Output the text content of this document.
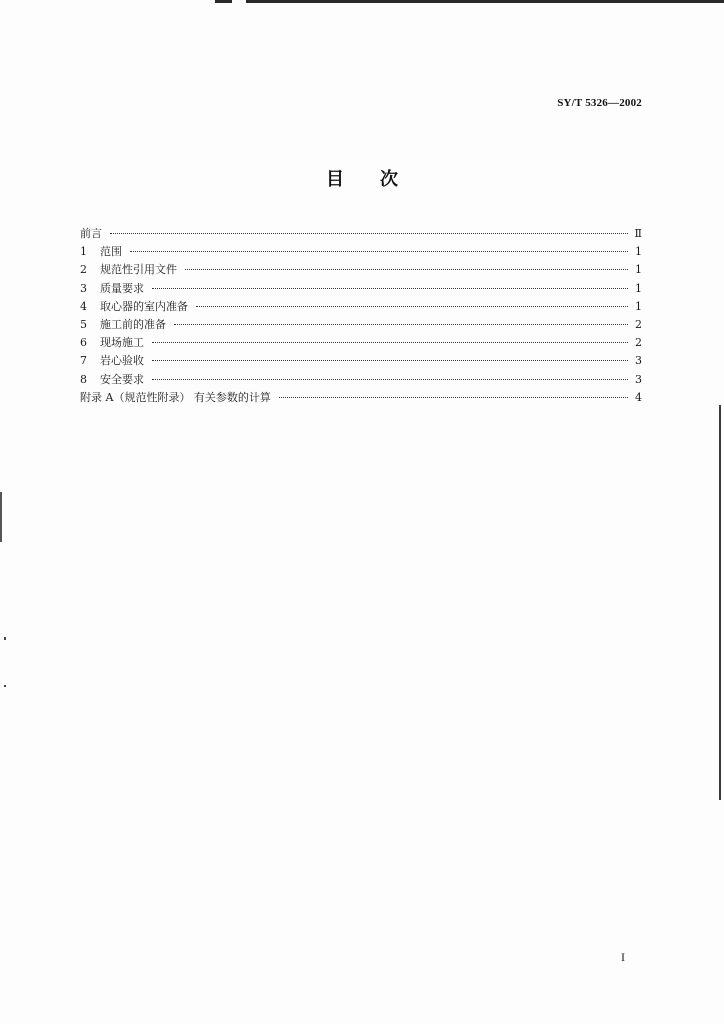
SY/T 5326—2002
目 次
前言	Ⅱ
1	范围	1
2	规范性引用文件	1
3	质量要求	1
4	取心器的室内准备	1
5	施工前的准备	2
6	现场施工	2
7	岩心验收	3
8	安全要求	3
附录 A（规范性附录） 有关参数的计算	4
I
